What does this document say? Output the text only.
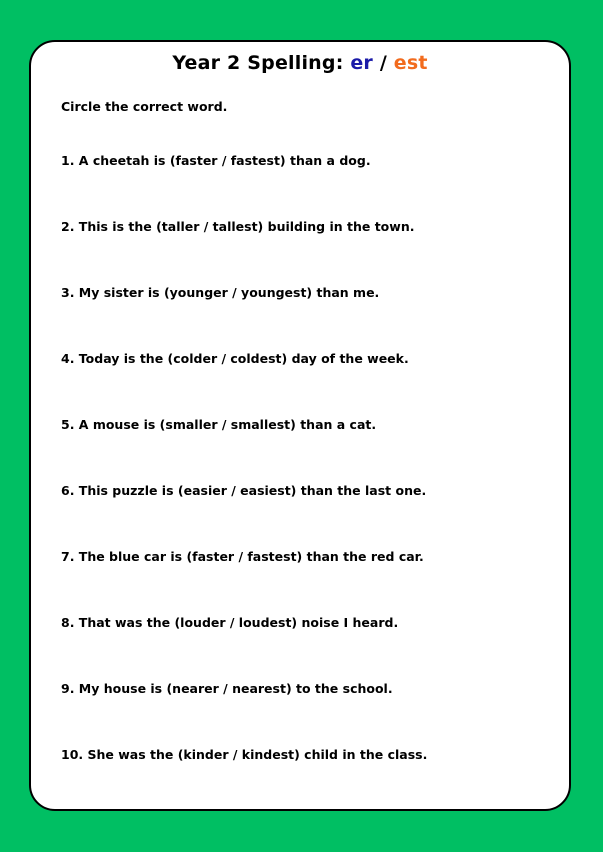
Year 2 Spelling: er / est
Circle the correct word.
1. A cheetah is (faster / fastest) than a dog.
2. This is the (taller / tallest) building in the town.
3. My sister is (younger / youngest) than me.
4. Today is the (colder / coldest) day of the week.
5. A mouse is (smaller / smallest) than a cat.
6. This puzzle is (easier / easiest) than the last one.
7. The blue car is (faster / fastest) than the red car.
8. That was the (louder / loudest) noise I heard.
9. My house is (nearer / nearest) to the school.
10. She was the (kinder / kindest) child in the class.
